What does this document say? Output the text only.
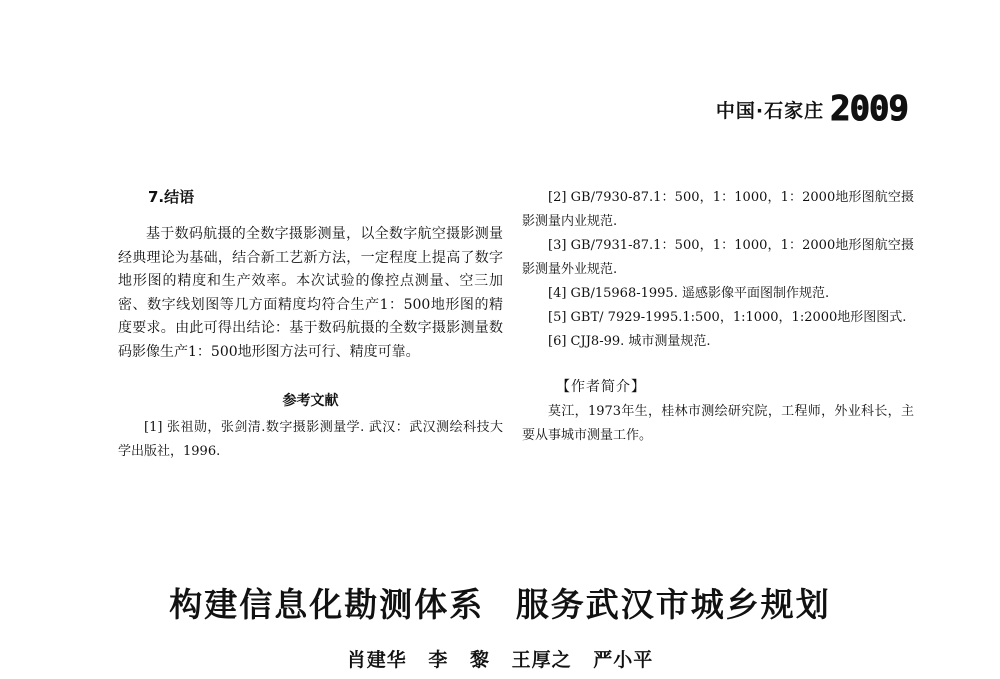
中国·石家庄 2009
7.结语

基于数码航摄的全数字摄影测量，以全数字航空摄影测量经典理论为基础，结合新工艺新方法，一定程度上提高了数字地形图的精度和生产效率。本次试验的像控点测量、空三加密、数字线划图等几方面精度均符合生产1：500地形图的精度要求。由此可得出结论：基于数码航摄的全数字摄影测量数码影像生产1：500地形图方法可行、精度可靠。

参考文献

[1] 张祖勋，张剑清.数字摄影测量学. 武汉：武汉测绘科技大学出版社，1996.

[2] GB/7930-87.1：500，1：1000，1：2000地形图航空摄影测量内业规范.

[3] GB/7931-87.1：500，1：1000，1：2000地形图航空摄影测量外业规范.

[4] GB/15968-1995. 遥感影像平面图制作规范.

[5] GBT/ 7929-1995.1:500，1:1000，1:2000地形图图式.

[6] CJJ8-99. 城市测量规范.

【作者简介】

莫江，1973年生，桂林市测绘研究院，工程师，外业科长，主要从事城市测量工作。

构建信息化勘测体系 服务武汉市城乡规划
肖建华 李 黎 王厚之 严小平
